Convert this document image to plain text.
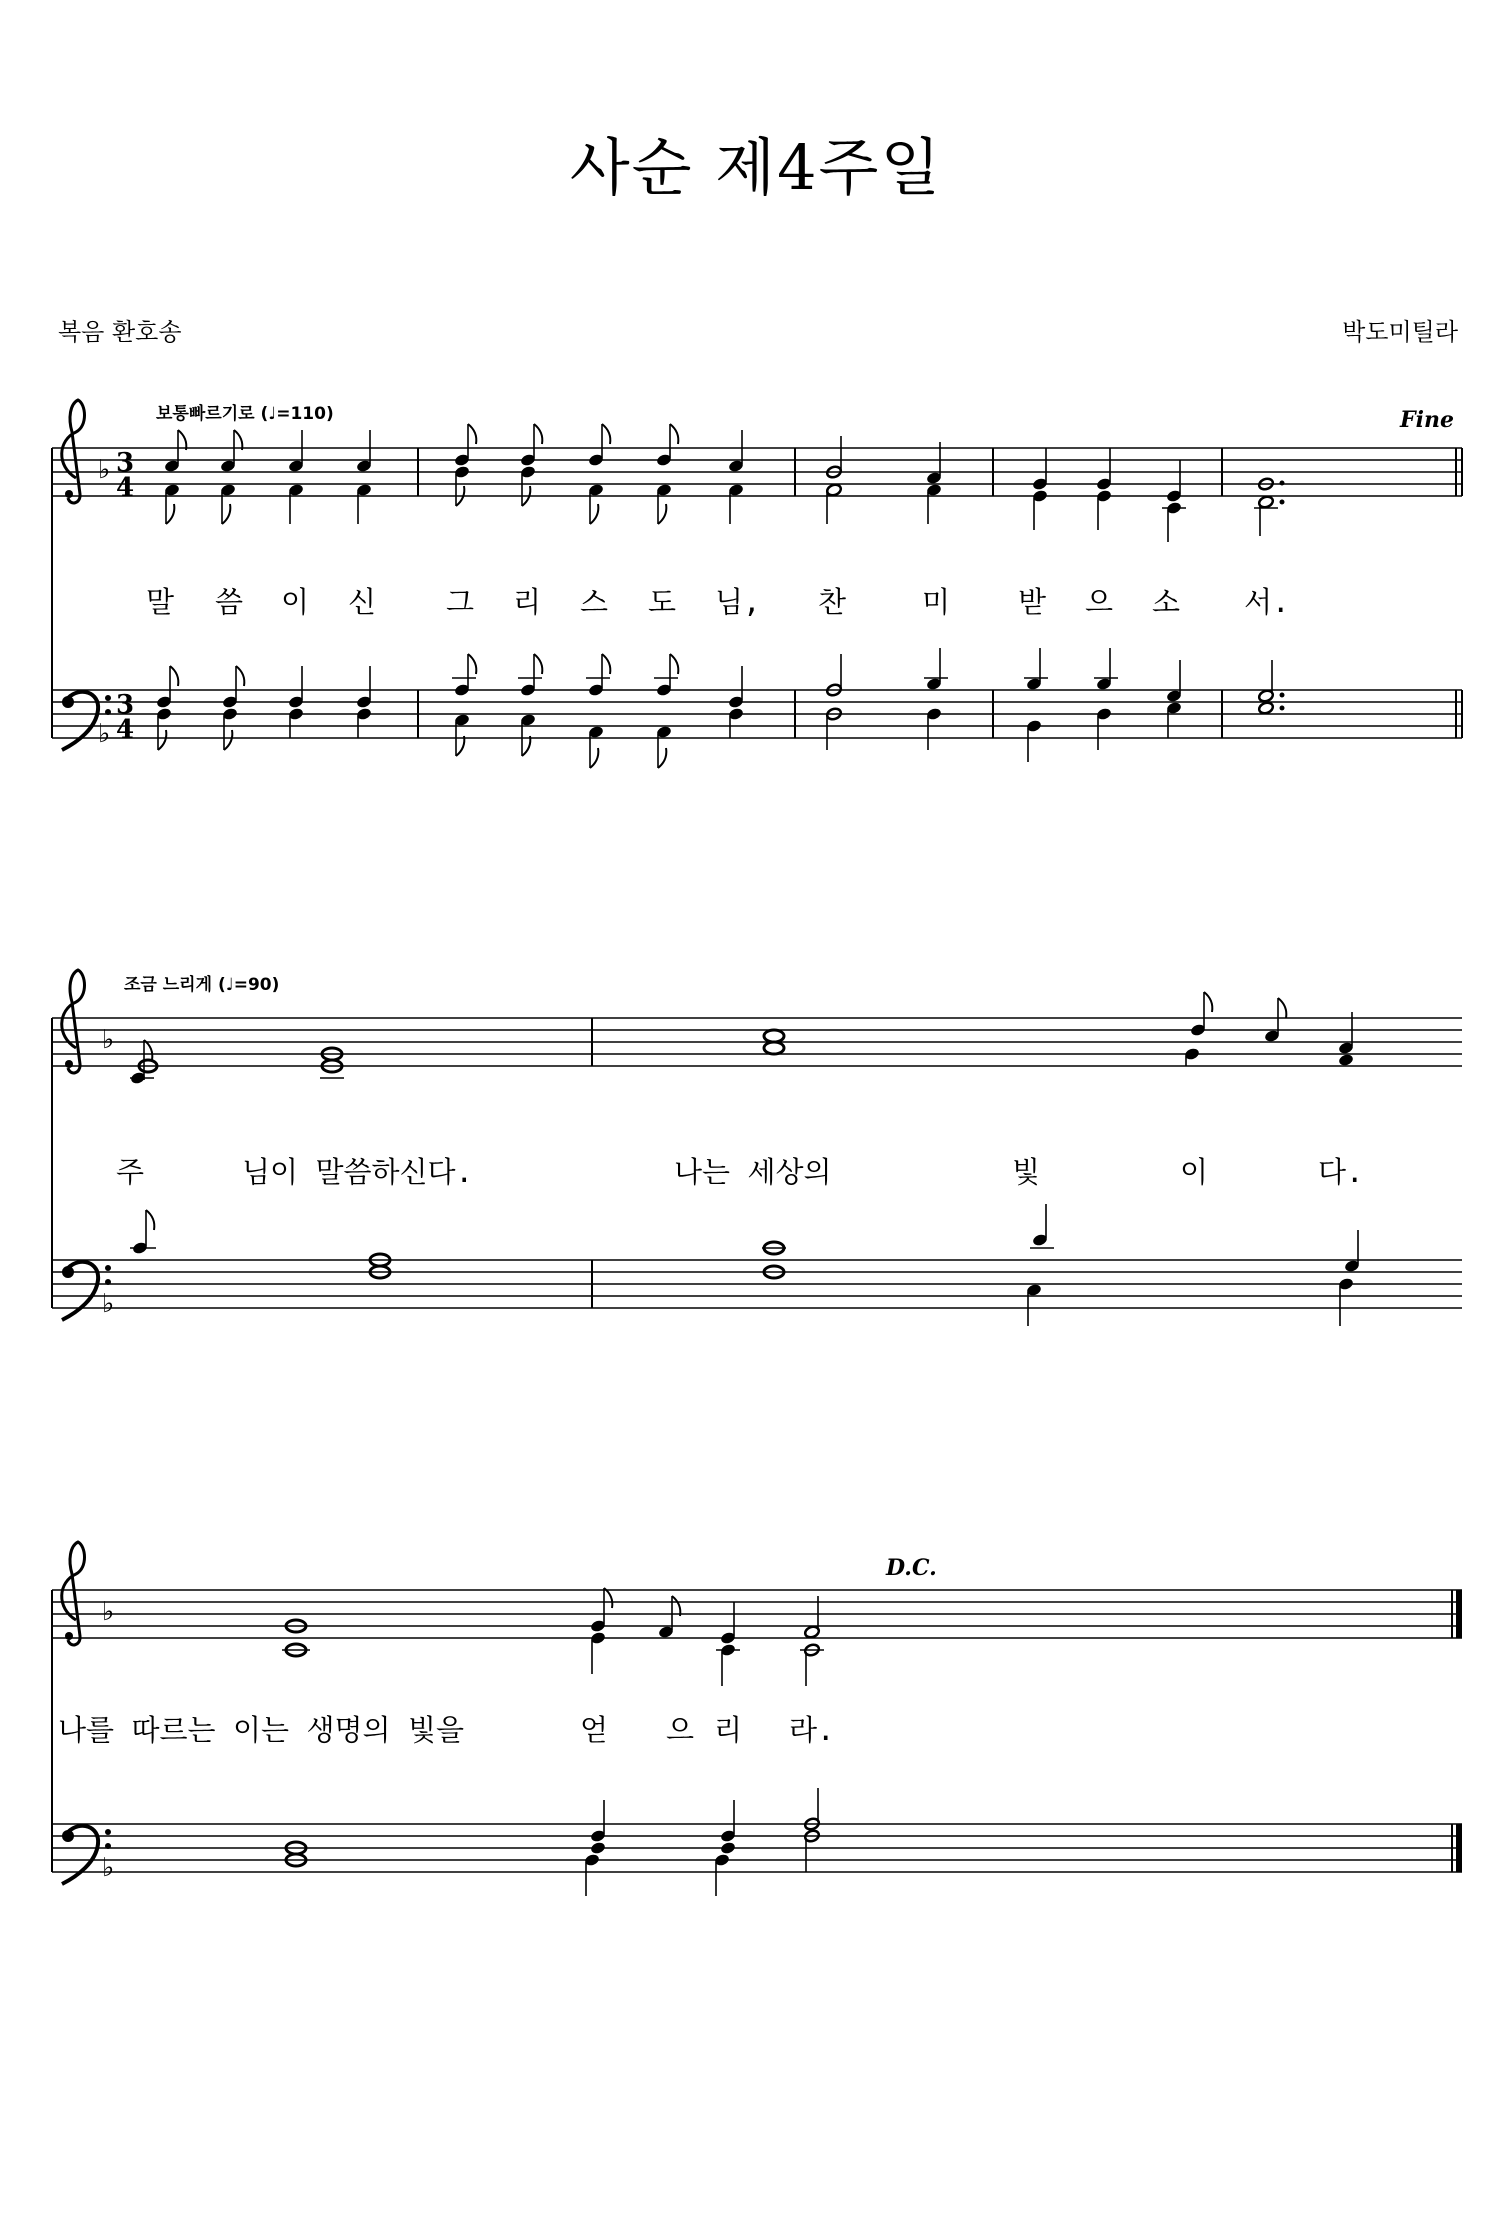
사순 제4주일
복음 환호송	박도미틸라
보통빠르기로 (♩=110)	Fine
말 씀 이 신 그 리 스 도 님, 찬	미 받 으 소 서.
조금 느리게 (♩=90)
주	님이 말씀하신다.	나는 세상의	빛	이	다.
D.C.
나를 따르는 이는 생명의 빛을	얻 으 리 라.
3
4
3
4
♭
♭
♭
♭
♭
♭
